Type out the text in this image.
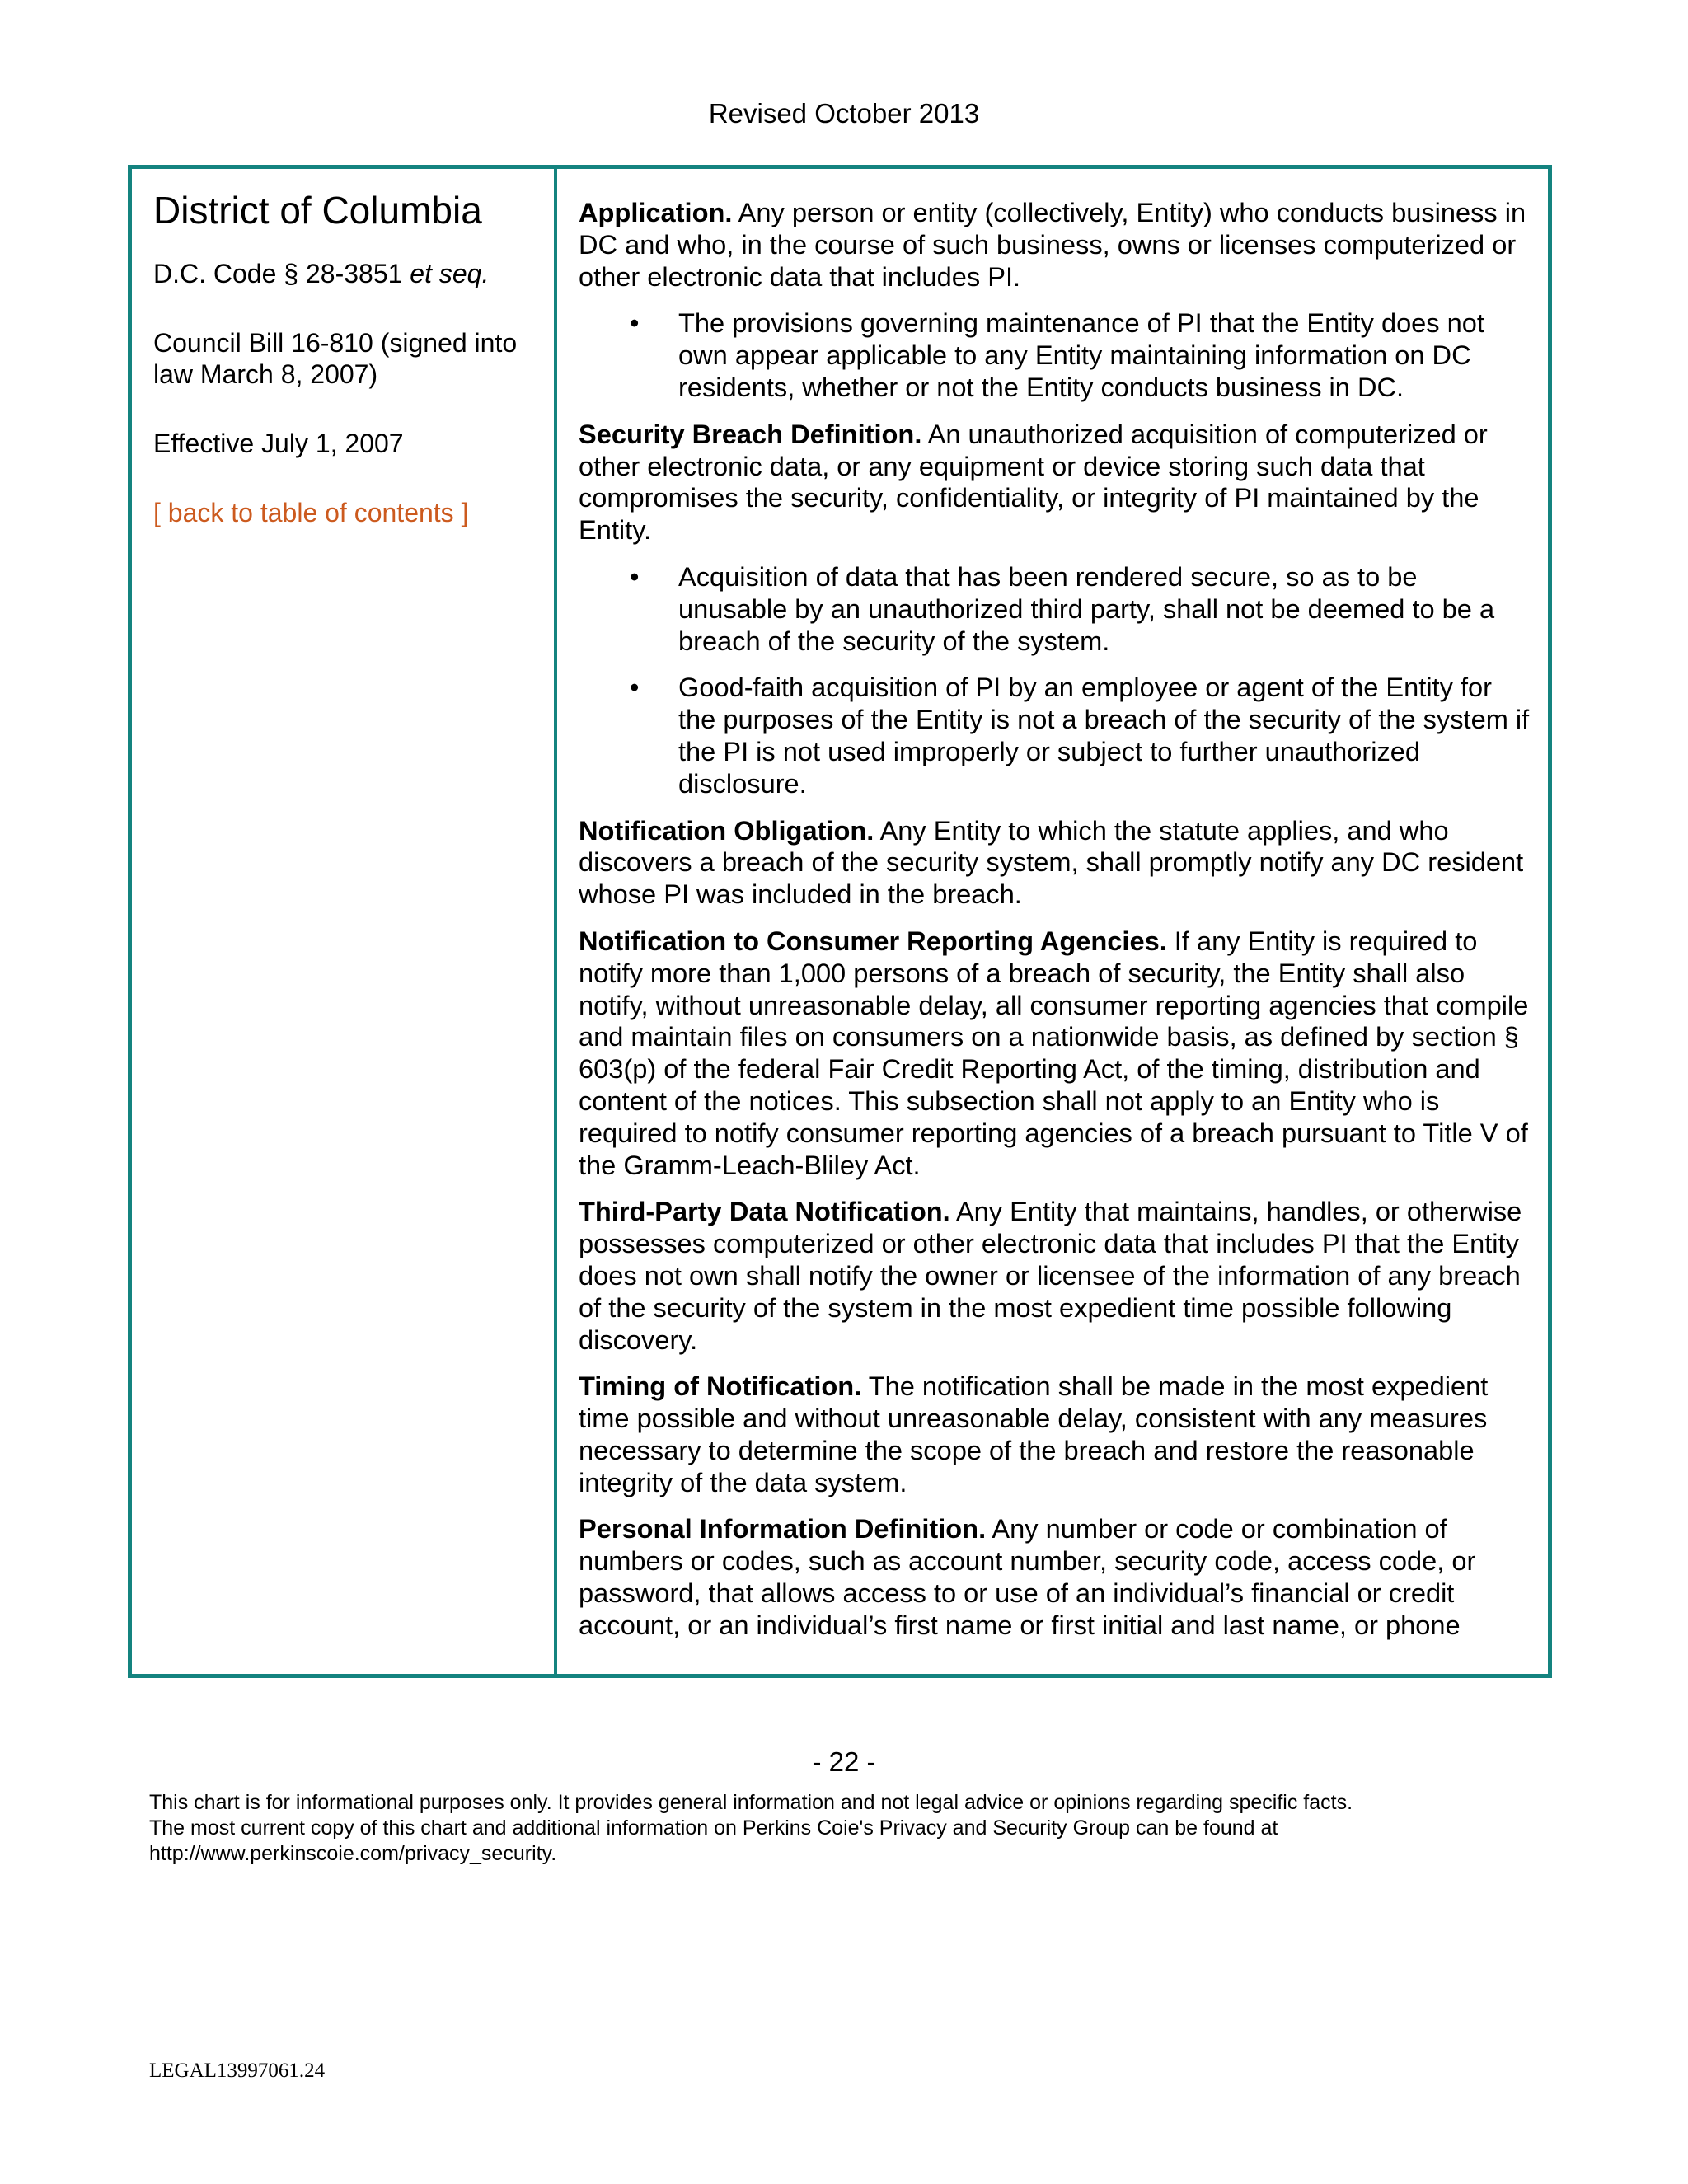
Revised October 2013
District of Columbia

D.C. Code § 28-3851 et seq.

Council Bill 16-810 (signed into law March 8, 2007)

Effective July 1, 2007

[ back to table of contents ]

Application. Any person or entity (collectively, Entity) who conducts business in DC and who, in the course of such business, owns or licenses computerized or other electronic data that includes PI.

• The provisions governing maintenance of PI that the Entity does not own appear applicable to any Entity maintaining information on DC residents, whether or not the Entity conducts business in DC.

Security Breach Definition. An unauthorized acquisition of computerized or other electronic data, or any equipment or device storing such data that compromises the security, confidentiality, or integrity of PI maintained by the Entity.

• Acquisition of data that has been rendered secure, so as to be unusable by an unauthorized third party, shall not be deemed to be a breach of the security of the system.
• Good-faith acquisition of PI by an employee or agent of the Entity for the purposes of the Entity is not a breach of the security of the system if the PI is not used improperly or subject to further unauthorized disclosure.

Notification Obligation. Any Entity to which the statute applies, and who discovers a breach of the security system, shall promptly notify any DC resident whose PI was included in the breach.

Notification to Consumer Reporting Agencies. If any Entity is required to notify more than 1,000 persons of a breach of security, the Entity shall also notify, without unreasonable delay, all consumer reporting agencies that compile and maintain files on consumers on a nationwide basis, as defined by section § 603(p) of the federal Fair Credit Reporting Act, of the timing, distribution and content of the notices. This subsection shall not apply to an Entity who is required to notify consumer reporting agencies of a breach pursuant to Title V of the Gramm-Leach-Bliley Act.

Third-Party Data Notification. Any Entity that maintains, handles, or otherwise possesses computerized or other electronic data that includes PI that the Entity does not own shall notify the owner or licensee of the information of any breach of the security of the system in the most expedient time possible following discovery.

Timing of Notification. The notification shall be made in the most expedient time possible and without unreasonable delay, consistent with any measures necessary to determine the scope of the breach and restore the reasonable integrity of the data system.

Personal Information Definition. Any number or code or combination of numbers or codes, such as account number, security code, access code, or password, that allows access to or use of an individual’s financial or credit account, or an individual’s first name or first initial and last name, or phone

- 22 -
This chart is for informational purposes only. It provides general information and not legal advice or opinions regarding specific facts.
The most current copy of this chart and additional information on Perkins Coie's Privacy and Security Group can be found at
http://www.perkinscoie.com/privacy_security.
LEGAL13997061.24
